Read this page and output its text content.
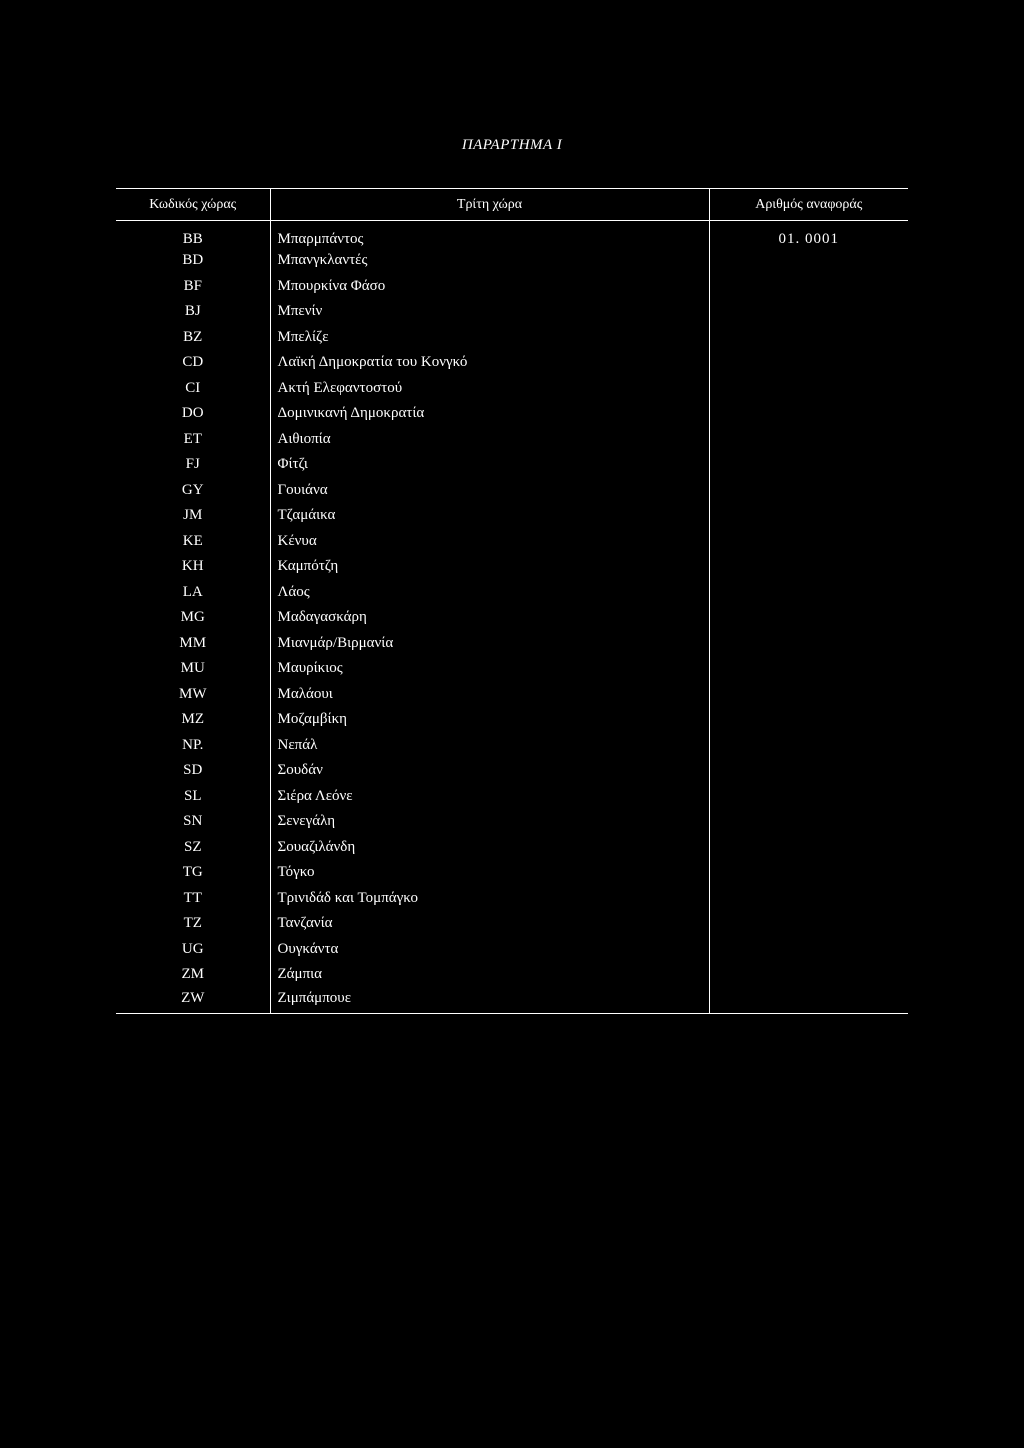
ΠΑΡΑΡΤΗΜΑ I
Κωδικός χώρας	Τρίτη χώρα	Αριθμός αναφοράς
BB	Μπαρμπάντος	01. 0001
BD	Μπανγκλαντές	
BF	Μπουρκίνα Φάσο	
BJ	Μπενίν	
BZ	Μπελίζε	
CD	Λαϊκή Δημοκρατία του Κονγκό	
CI	Ακτή Ελεφαντοστού	
DO	Δομινικανή Δημοκρατία	
ET	Αιθιοπία	
FJ	Φίτζι	
GY	Γουιάνα	
JM	Τζαμάικα	
KE	Κένυα	
KH	Καμπότζη	
LA	Λάος	
MG	Μαδαγασκάρη	
MM	Μιανμάρ/Βιρμανία	
MU	Μαυρίκιος	
MW	Μαλάουι	
MZ	Μοζαμβίκη	
NP.	Νεπάλ	
SD	Σουδάν	
SL	Σιέρα Λεόνε	
SN	Σενεγάλη	
SZ	Σουαζιλάνδη	
TG	Τόγκο	
TT	Τρινιδάδ και Τομπάγκο	
TZ	Τανζανία	
UG	Ουγκάντα	
ZM	Ζάμπια	
ZW	Ζιμπάμπουε	
